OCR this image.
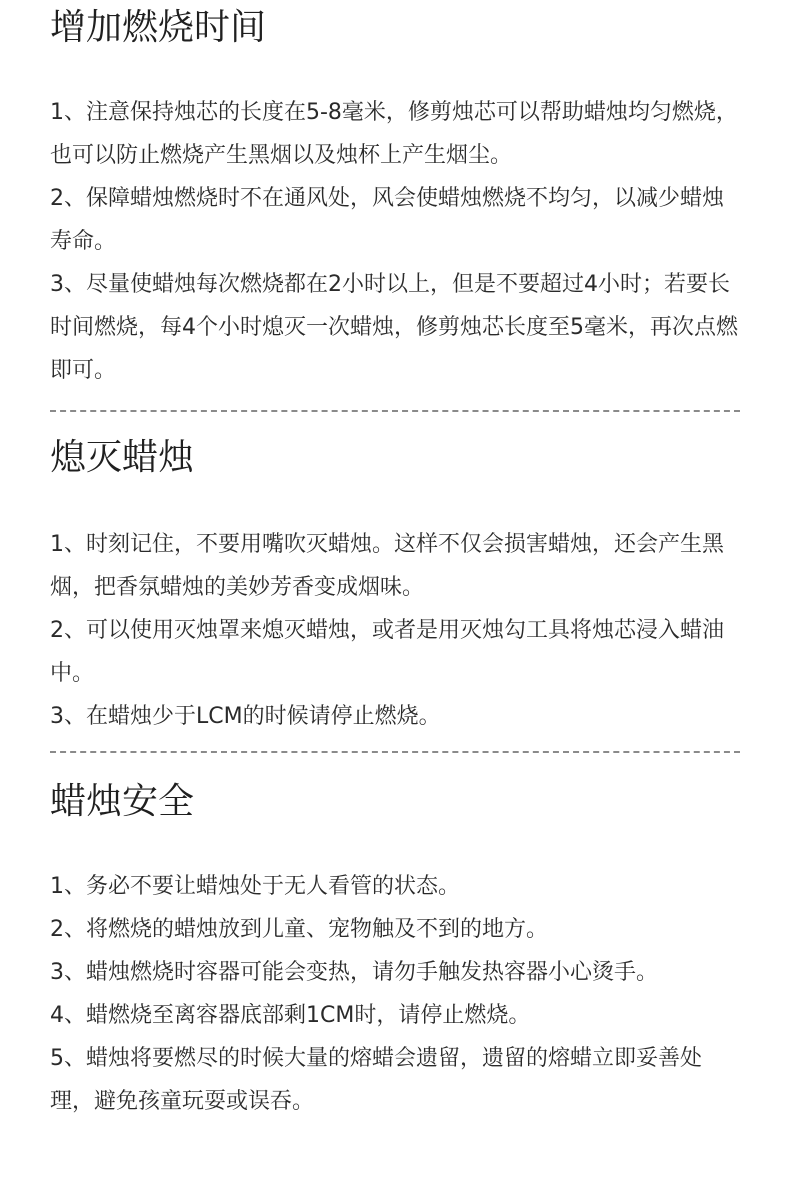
增加燃烧时间
1、注意保持烛芯的长度在5-8毫米，修剪烛芯可以帮助蜡烛均匀燃烧，也可以防止燃烧产生黑烟以及烛杯上产生烟尘。
2、保障蜡烛燃烧时不在通风处，风会使蜡烛燃烧不均匀，以减少蜡烛寿命。
3、尽量使蜡烛每次燃烧都在2小时以上，但是不要超过4小时；若要长时间燃烧，每4个小时熄灭一次蜡烛，修剪烛芯长度至5毫米，再次点燃即可。
熄灭蜡烛
1、时刻记住，不要用嘴吹灭蜡烛。这样不仅会损害蜡烛，还会产生黑烟，把香氛蜡烛的美妙芳香变成烟味。
2、可以使用灭烛罩来熄灭蜡烛，或者是用灭烛勾工具将烛芯浸入蜡油中。
3、在蜡烛少于LCM的时候请停止燃烧。
蜡烛安全
1、务必不要让蜡烛处于无人看管的状态。
2、将燃烧的蜡烛放到儿童、宠物触及不到的地方。
3、蜡烛燃烧时容器可能会变热，请勿手触发热容器小心烫手。
4、蜡燃烧至离容器底部剩1CM时，请停止燃烧。
5、蜡烛将要燃尽的时候大量的熔蜡会遗留，遗留的熔蜡立即妥善处理，避免孩童玩耍或误吞。
